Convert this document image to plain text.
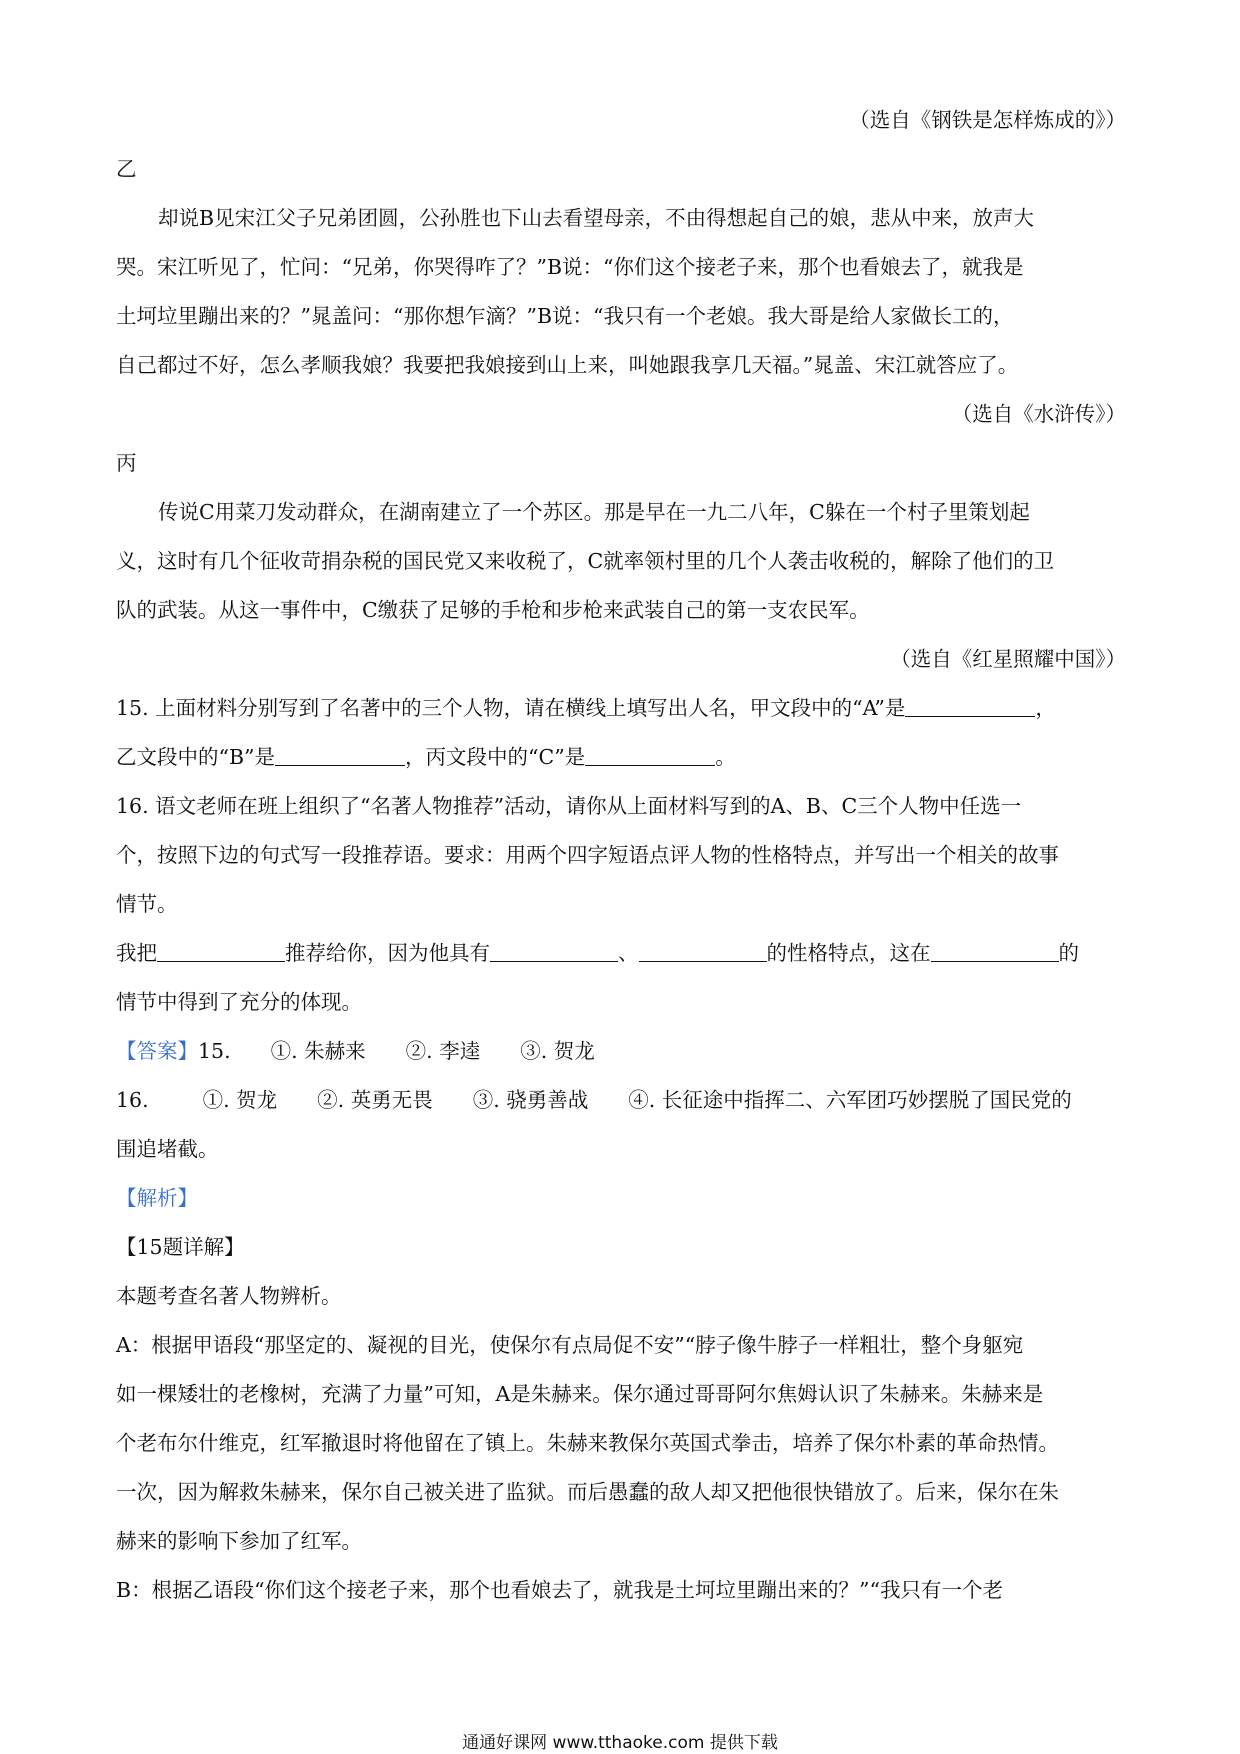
（选自《钢铁是怎样炼成的》）

乙

却说B见宋江父子兄弟团圆，公孙胜也下山去看望母亲，不由得想起自己的娘，悲从中来，放声大

哭。宋江听见了，忙问：“兄弟，你哭得咋了？”B说：“你们这个接老子来，那个也看娘去了，就我是

土坷垃里蹦出来的？”晁盖问：“那你想乍滴？”B说：“我只有一个老娘。我大哥是给人家做长工的，

自己都过不好，怎么孝顺我娘？我要把我娘接到山上来，叫她跟我享几天福。”晁盖、宋江就答应了。

（选自《水浒传》）

丙

传说C用菜刀发动群众，在湖南建立了一个苏区。那是早在一九二八年，C躲在一个村子里策划起

义，这时有几个征收苛捐杂税的国民党又来收税了，C就率领村里的几个人袭击收税的，解除了他们的卫

队的武装。从这一事件中，C缴获了足够的手枪和步枪来武装自己的第一支农民军。

（选自《红星照耀中国》）

15. 上面材料分别写到了名著中的三个人物，请在横线上填写出人名，甲文段中的“A”是	，

乙文段中的“B”是	，丙文段中的“C”是	。

16. 语文老师在班上组织了“名著人物推荐”活动，请你从上面材料写到的A、B、C三个人物中任选一

个，按照下边的句式写一段推荐语。要求：用两个四字短语点评人物的性格特点，并写出一个相关的故事

情节。

我把	推荐给你，因为他具有	、	的性格特点，这在	的

情节中得到了充分的体现。

【答案】15. ①. 朱赫来 ②. 李逵 ③. 贺龙

16.	①. 贺龙 ②. 英勇无畏 ③. 骁勇善战 ④. 长征途中指挥二、六军团巧妙摆脱了国民党的

围追堵截。

【解析】

【15题详解】

本题考查名著人物辨析。

A：根据甲语段“那坚定的、凝视的目光，使保尔有点局促不安”“脖子像牛脖子一样粗壮，整个身躯宛

如一棵矮壮的老橡树，充满了力量”可知，A是朱赫来。保尔通过哥哥阿尔焦姆认识了朱赫来。朱赫来是

个老布尔什维克，红军撤退时将他留在了镇上。朱赫来教保尔英国式拳击，培养了保尔朴素的革命热情。

一次，因为解救朱赫来，保尔自己被关进了监狱。而后愚蠢的敌人却又把他很快错放了。后来，保尔在朱

赫来的影响下参加了红军。

B：根据乙语段“你们这个接老子来，那个也看娘去了，就我是土坷垃里蹦出来的？”“我只有一个老

通通好课网 www.tthaoke.com 提供下载
